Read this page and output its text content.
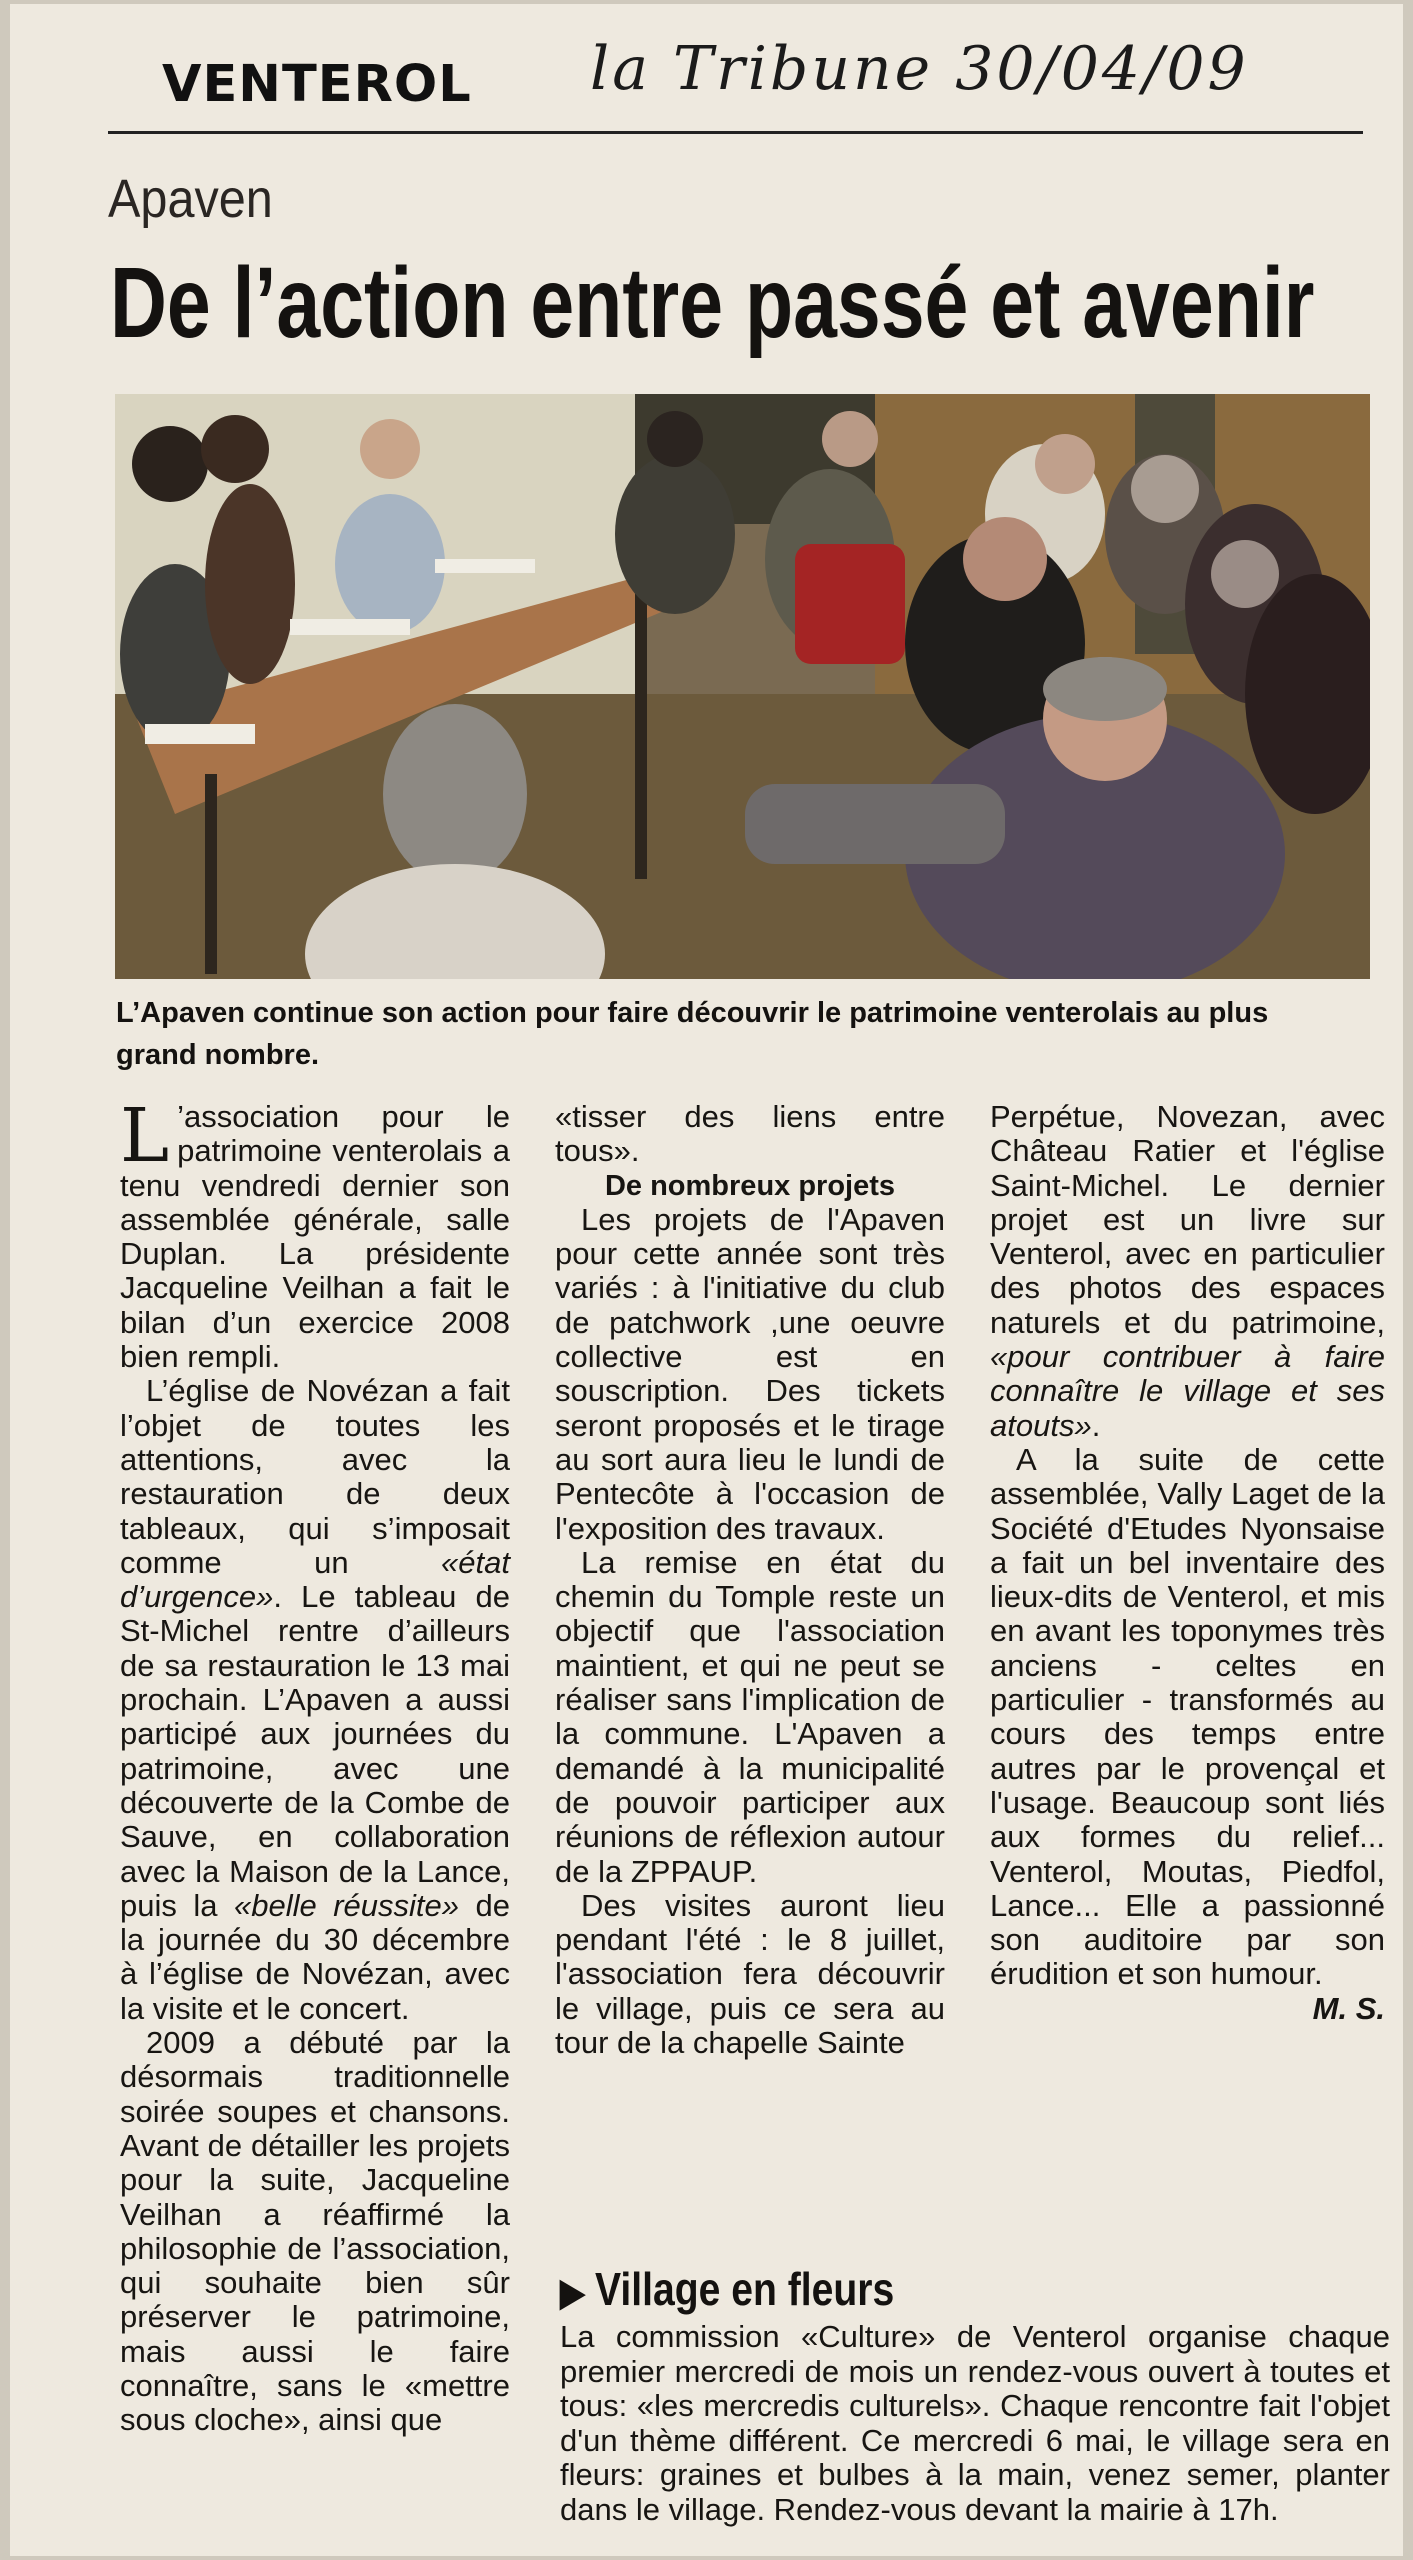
VENTEROL la Tribune 30/04/09
Apaven
De l’action entre passé et avenir
L’Apaven continue son action pour faire découvrir le patrimoine venterolais au plus grand nombre.

L ’association pour le patrimoine venterolais a tenu vendredi dernier son assemblée générale, salle Duplan. La présidente Jacqueline Veilhan a fait le bilan d’un exercice 2008 bien rempli.

L’église de Novézan a fait l’objet de toutes les attentions, avec la restauration de deux tableaux, qui s’imposait comme un «état d’urgence». Le tableau de St-Michel rentre d’ailleurs de sa restauration le 13 mai prochain. L’Apaven a aussi participé aux journées du patrimoine, avec une découverte de la Combe de Sauve, en collaboration avec la Maison de la Lance, puis la «belle réussite» de la journée du 30 décembre à l’église de Novézan, avec la visite et le concert.

2009 a débuté par la désormais traditionnelle soirée soupes et chansons. Avant de détailler les projets pour la suite, Jacqueline Veilhan a réaffirmé la philosophie de l’association, qui souhaite bien sûr préserver le patrimoine, mais aussi le faire connaître, sans le «mettre sous cloche», ainsi que

«tisser des liens entre tous».

De nombreux projets

Les projets de l'Apaven pour cette année sont très variés : à l'initiative du club de patchwork ,une oeuvre collective est en souscription. Des tickets seront proposés et le tirage au sort aura lieu le lundi de Pentecôte à l'occasion de l'exposition des travaux.

La remise en état du chemin du Tomple reste un objectif que l'association maintient, et qui ne peut se réaliser sans l'implication de la commune. L'Apaven a demandé à la municipalité de pouvoir participer aux réunions de réflexion autour de la ZPPAUP.

Des visites auront lieu pendant l'été : le 8 juillet, l'association fera découvrir le village, puis ce sera au tour de la chapelle Sainte

Perpétue, Novezan, avec Château Ratier et l'église Saint-Michel. Le dernier projet est un livre sur Venterol, avec en particulier des photos des espaces naturels et du patrimoine, «pour contribuer à faire connaître le village et ses atouts».

A la suite de cette assemblée, Vally Laget de la Société d'Etudes Nyonsaise a fait un bel inventaire des lieux-dits de Venterol, et mis en avant les toponymes très anciens - celtes en particulier - transformés au cours des temps entre autres par le provençal et l'usage. Beaucoup sont liés aux formes du relief... Venterol, Moutas, Piedfol, Lance... Elle a passionné son auditoire par son érudition et son humour.

M. S.

▶ Village en fleurs
La commission «Culture» de Venterol organise chaque premier mercredi de mois un rendez-vous ouvert à toutes et tous: «les mercredis culturels». Chaque rencontre fait l'objet d'un thème différent. Ce mercredi 6 mai, le village sera en fleurs: graines et bulbes à la main, venez semer, planter dans le village. Rendez-vous devant la mairie à 17h.
